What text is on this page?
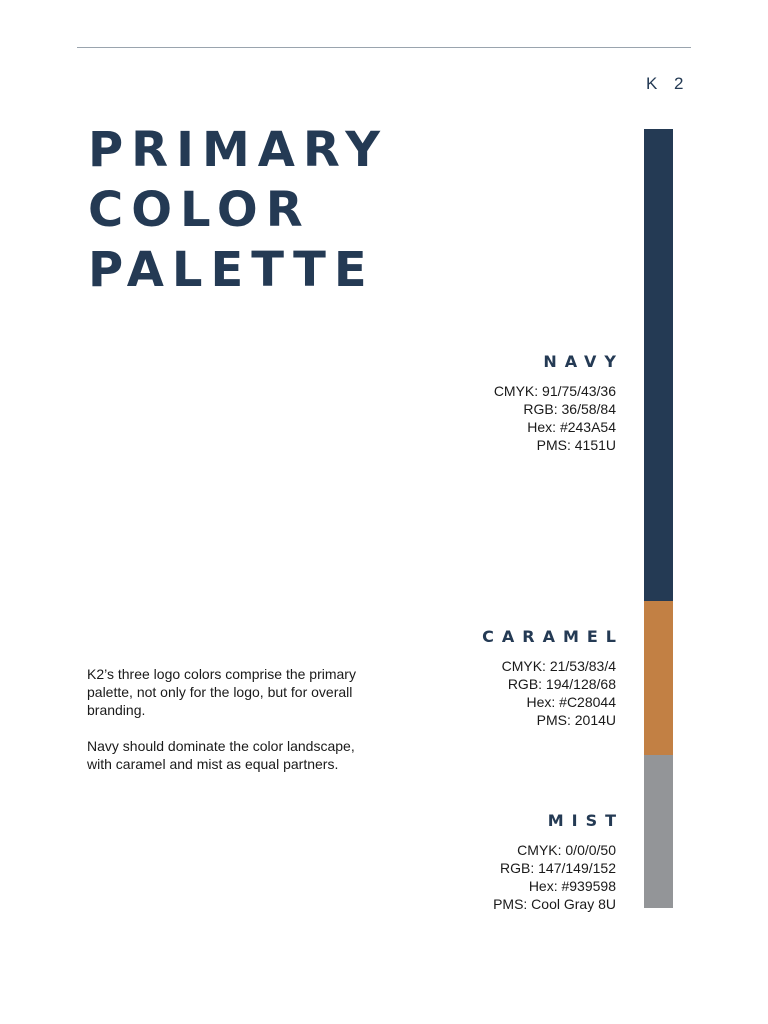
K 2
PRIMARY
COLOR
PALETTE
NAVY
CMYK: 91/75/43/36
RGB: 36/58/84
Hex: #243A54
PMS: 4151U
CARAMEL
CMYK: 21/53/83/4
RGB: 194/128/68
Hex: #C28044
PMS: 2014U
MIST
CMYK: 0/0/0/50
RGB: 147/149/152
Hex: #939598
PMS: Cool Gray 8U

K2’s three logo colors comprise the primary palette, not only for the logo, but for overall branding.

Navy should dominate the color landscape, with caramel and mist as equal partners.
